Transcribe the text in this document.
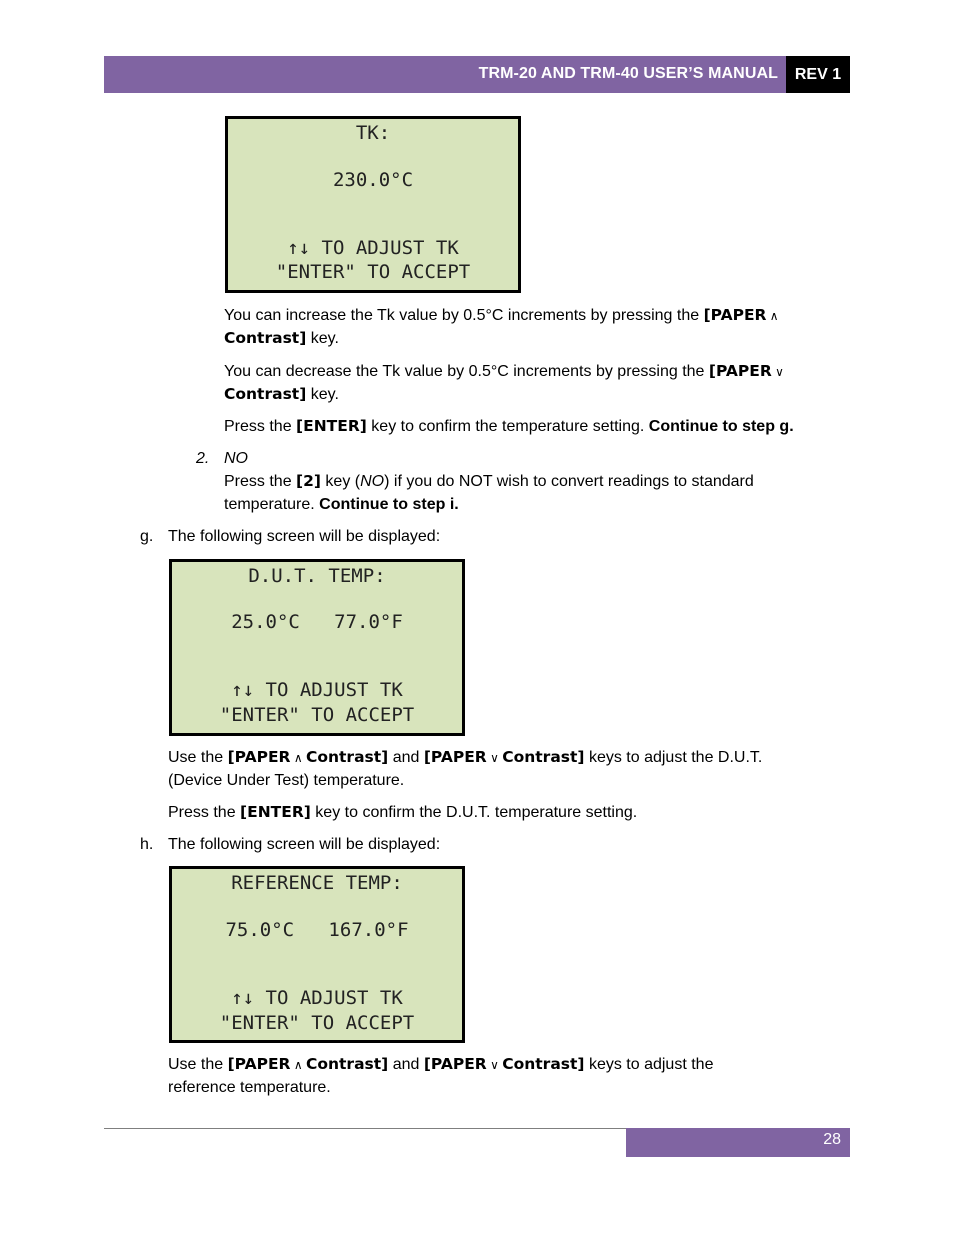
TRM-20 AND TRM-40 USER’S MANUAL	REV 1
TK:
230.0°C
↑↓ TO ADJUST TK
"ENTER" TO ACCEPT
You can increase the Tk value by 0.5°C increments by pressing the [PAPER ∧
Contrast] key.
You can decrease the Tk value by 0.5°C increments by pressing the [PAPER ∨
Contrast] key.
Press the [ENTER] key to confirm the temperature setting. Continue to step g.
2. NO
Press the [2] key (NO) if you do NOT wish to convert readings to standard
temperature. Continue to step i.
g. The following screen will be displayed:
D.U.T. TEMP:
25.0°C   77.0°F
↑↓ TO ADJUST TK
"ENTER" TO ACCEPT
Use the [PAPER ∧ Contrast] and [PAPER ∨ Contrast] keys to adjust the D.U.T.
(Device Under Test) temperature.
Press the [ENTER] key to confirm the D.U.T. temperature setting.
h. The following screen will be displayed:
REFERENCE TEMP:
75.0°C   167.0°F
↑↓ TO ADJUST TK
"ENTER" TO ACCEPT
Use the [PAPER ∧ Contrast] and [PAPER ∨ Contrast] keys to adjust the
reference temperature.
28
